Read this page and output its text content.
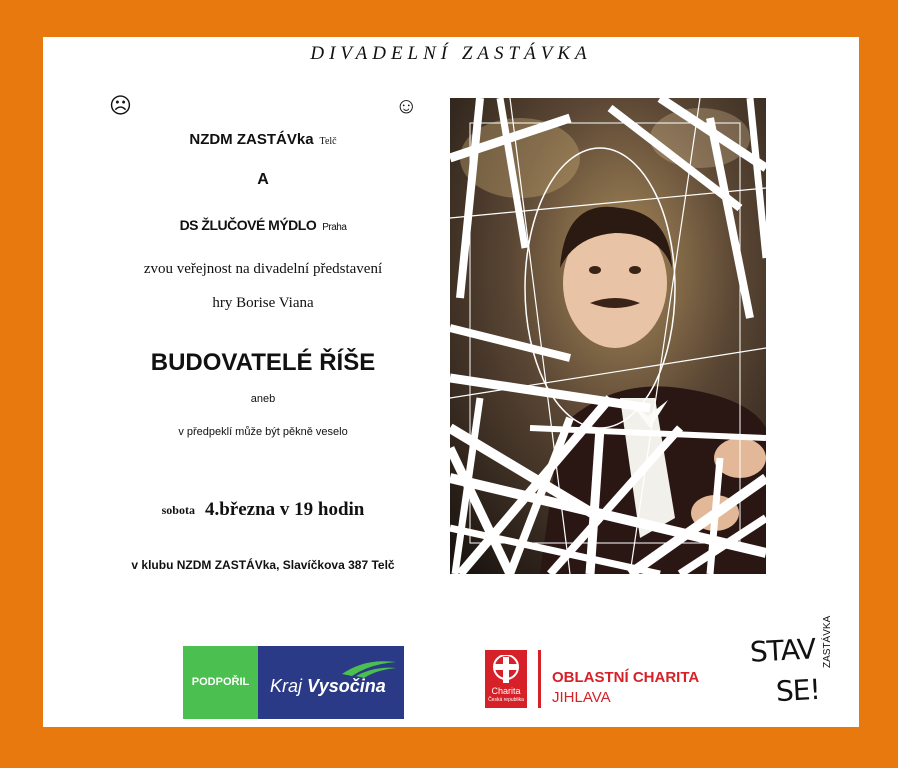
DIVADELNÍ ZASTÁVKA
☹	☺
NZDM ZASTÁVka Telč
A
DS ŽLUČOVÉ MÝDLO Praha
zvou veřejnost na divadelní představení
hry Borise Viana
BUDOVATELÉ ŘÍŠE
aneb
v předpeklí může být pěkně veselo
sobota 4.března v 19 hodin
v klubu NZDM ZASTÁVka, Slavíčkova 387 Telč
PODPOŘIL	Kraj Vysočina	Charita
Česká republika
OBLASTNÍ CHARITA
JIHLAVA
STAV
SE!
ZASTÁVKA
